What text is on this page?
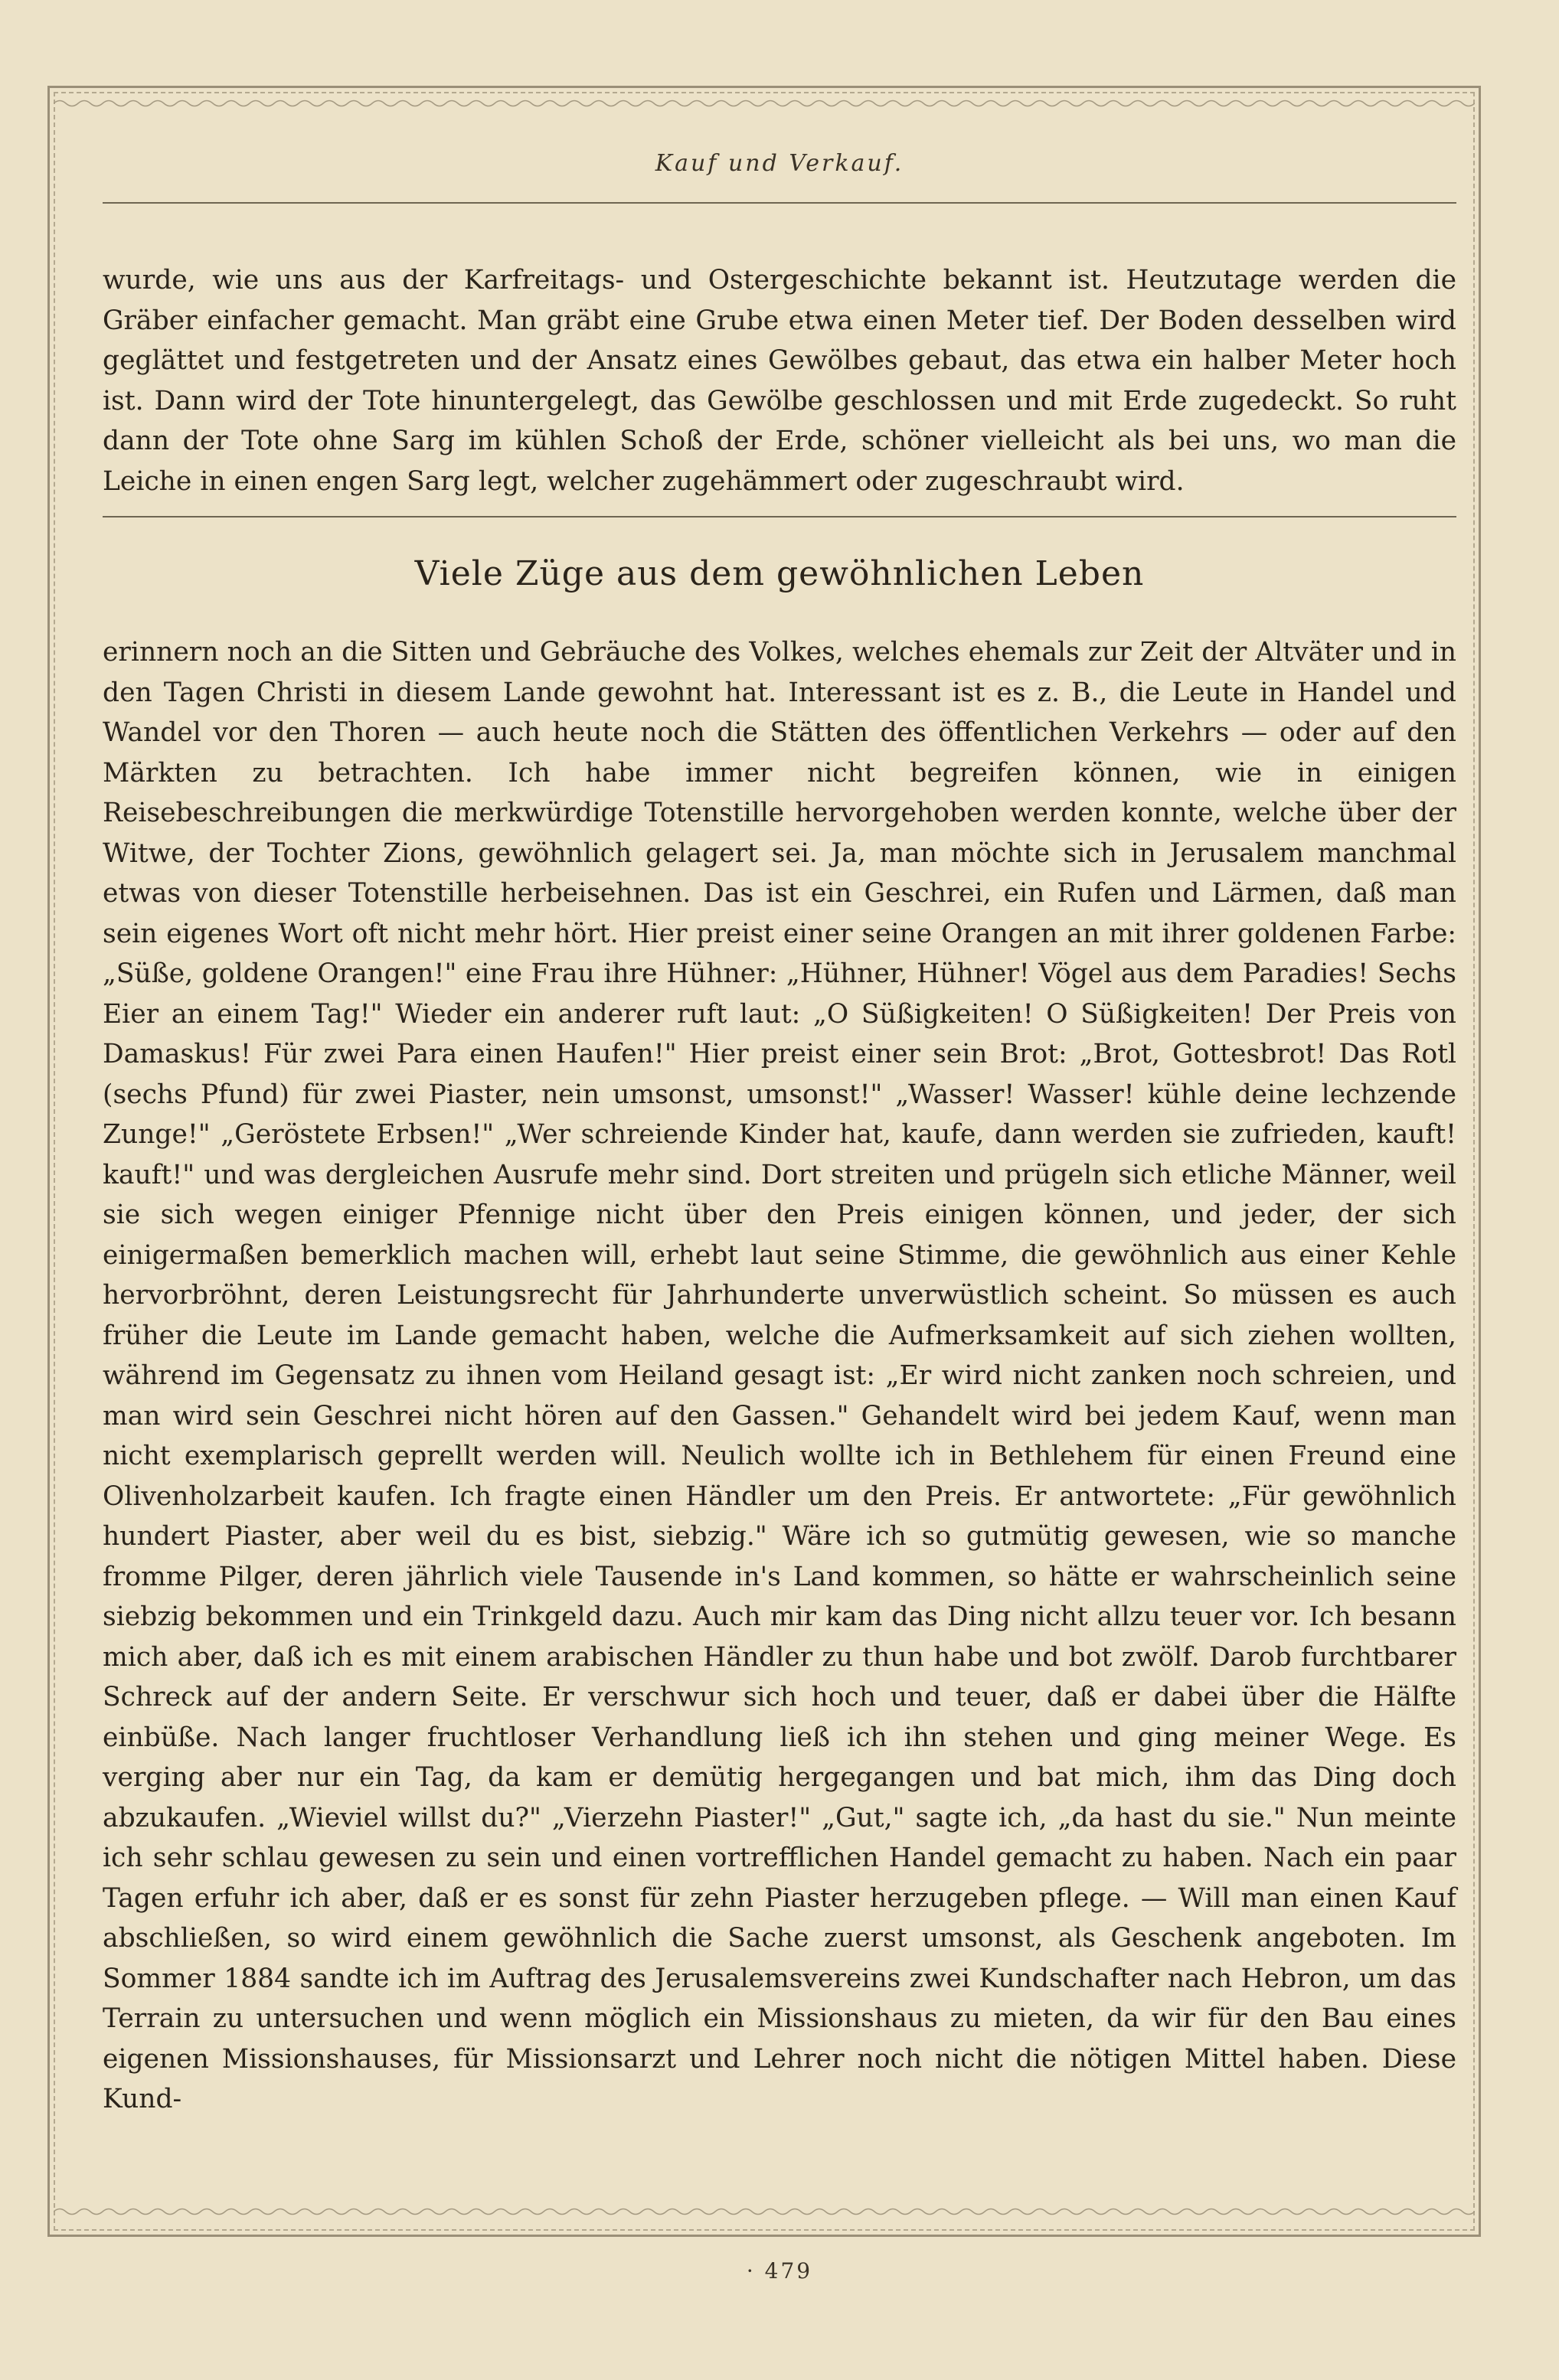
Kauf und Verkauf.
wurde, wie uns aus der Karfreitags- und Ostergeschichte bekannt ist. Heutzutage werden die Gräber einfacher gemacht. Man gräbt eine Grube etwa einen Meter tief. Der Boden desselben wird geglättet und festgetreten und der Ansatz eines Gewölbes gebaut, das etwa ein halber Meter hoch ist. Dann wird der Tote hinuntergelegt, das Gewölbe geschlossen und mit Erde zugedeckt. So ruht dann der Tote ohne Sarg im kühlen Schoß der Erde, schöner vielleicht als bei uns, wo man die Leiche in einen engen Sarg legt, welcher zugehämmert oder zugeschraubt wird.
Viele Züge aus dem gewöhnlichen Leben
erinnern noch an die Sitten und Gebräuche des Volkes, welches ehemals zur Zeit der Altväter und in den Tagen Christi in diesem Lande gewohnt hat. Interessant ist es z. B., die Leute in Handel und Wandel vor den Thoren — auch heute noch die Stätten des öffentlichen Verkehrs — oder auf den Märkten zu betrachten. Ich habe immer nicht begreifen können, wie in einigen Reisebeschreibungen die merkwürdige Totenstille hervorgehoben werden konnte, welche über der Witwe, der Tochter Zions, gewöhnlich gelagert sei. Ja, man möchte sich in Jerusalem manchmal etwas von dieser Totenstille herbeisehnen. Das ist ein Geschrei, ein Rufen und Lärmen, daß man sein eigenes Wort oft nicht mehr hört. Hier preist einer seine Orangen an mit ihrer goldenen Farbe: „Süße, goldene Orangen!" eine Frau ihre Hühner: „Hühner, Hühner! Vögel aus dem Paradies! Sechs Eier an einem Tag!" Wieder ein anderer ruft laut: „O Süßigkeiten! O Süßigkeiten! Der Preis von Damaskus! Für zwei Para einen Haufen!" Hier preist einer sein Brot: „Brot, Gottesbrot! Das Rotl (sechs Pfund) für zwei Piaster, nein umsonst, umsonst!" „Wasser! Wasser! kühle deine lechzende Zunge!" „Geröstete Erbsen!" „Wer schreiende Kinder hat, kaufe, dann werden sie zufrieden, kauft! kauft!" und was dergleichen Ausrufe mehr sind. Dort streiten und prügeln sich etliche Männer, weil sie sich wegen einiger Pfennige nicht über den Preis einigen können, und jeder, der sich einigermaßen bemerklich machen will, erhebt laut seine Stimme, die gewöhnlich aus einer Kehle hervorbröhnt, deren Leistungsrecht für Jahrhunderte unverwüstlich scheint. So müssen es auch früher die Leute im Lande gemacht haben, welche die Aufmerksamkeit auf sich ziehen wollten, während im Gegensatz zu ihnen vom Heiland gesagt ist: „Er wird nicht zanken noch schreien, und man wird sein Geschrei nicht hören auf den Gassen." Gehandelt wird bei jedem Kauf, wenn man nicht exemplarisch geprellt werden will. Neulich wollte ich in Bethlehem für einen Freund eine Olivenholzarbeit kaufen. Ich fragte einen Händler um den Preis. Er antwortete: „Für gewöhnlich hundert Piaster, aber weil du es bist, siebzig." Wäre ich so gutmütig gewesen, wie so manche fromme Pilger, deren jährlich viele Tausende in's Land kommen, so hätte er wahrscheinlich seine siebzig bekommen und ein Trinkgeld dazu. Auch mir kam das Ding nicht allzu teuer vor. Ich besann mich aber, daß ich es mit einem arabischen Händler zu thun habe und bot zwölf. Darob furchtbarer Schreck auf der andern Seite. Er verschwur sich hoch und teuer, daß er dabei über die Hälfte einbüße. Nach langer fruchtloser Verhandlung ließ ich ihn stehen und ging meiner Wege. Es verging aber nur ein Tag, da kam er demütig hergegangen und bat mich, ihm das Ding doch abzukaufen. „Wieviel willst du?" „Vierzehn Piaster!" „Gut," sagte ich, „da hast du sie." Nun meinte ich sehr schlau gewesen zu sein und einen vortrefflichen Handel gemacht zu haben. Nach ein paar Tagen erfuhr ich aber, daß er es sonst für zehn Piaster herzugeben pflege. — Will man einen Kauf abschließen, so wird einem gewöhnlich die Sache zuerst umsonst, als Geschenk angeboten. Im Sommer 1884 sandte ich im Auftrag des Jerusalemsvereins zwei Kundschafter nach Hebron, um das Terrain zu untersuchen und wenn möglich ein Missionshaus zu mieten, da wir für den Bau eines eigenen Missionshauses, für Missionsarzt und Lehrer noch nicht die nötigen Mittel haben. Diese Kund-
· 479
